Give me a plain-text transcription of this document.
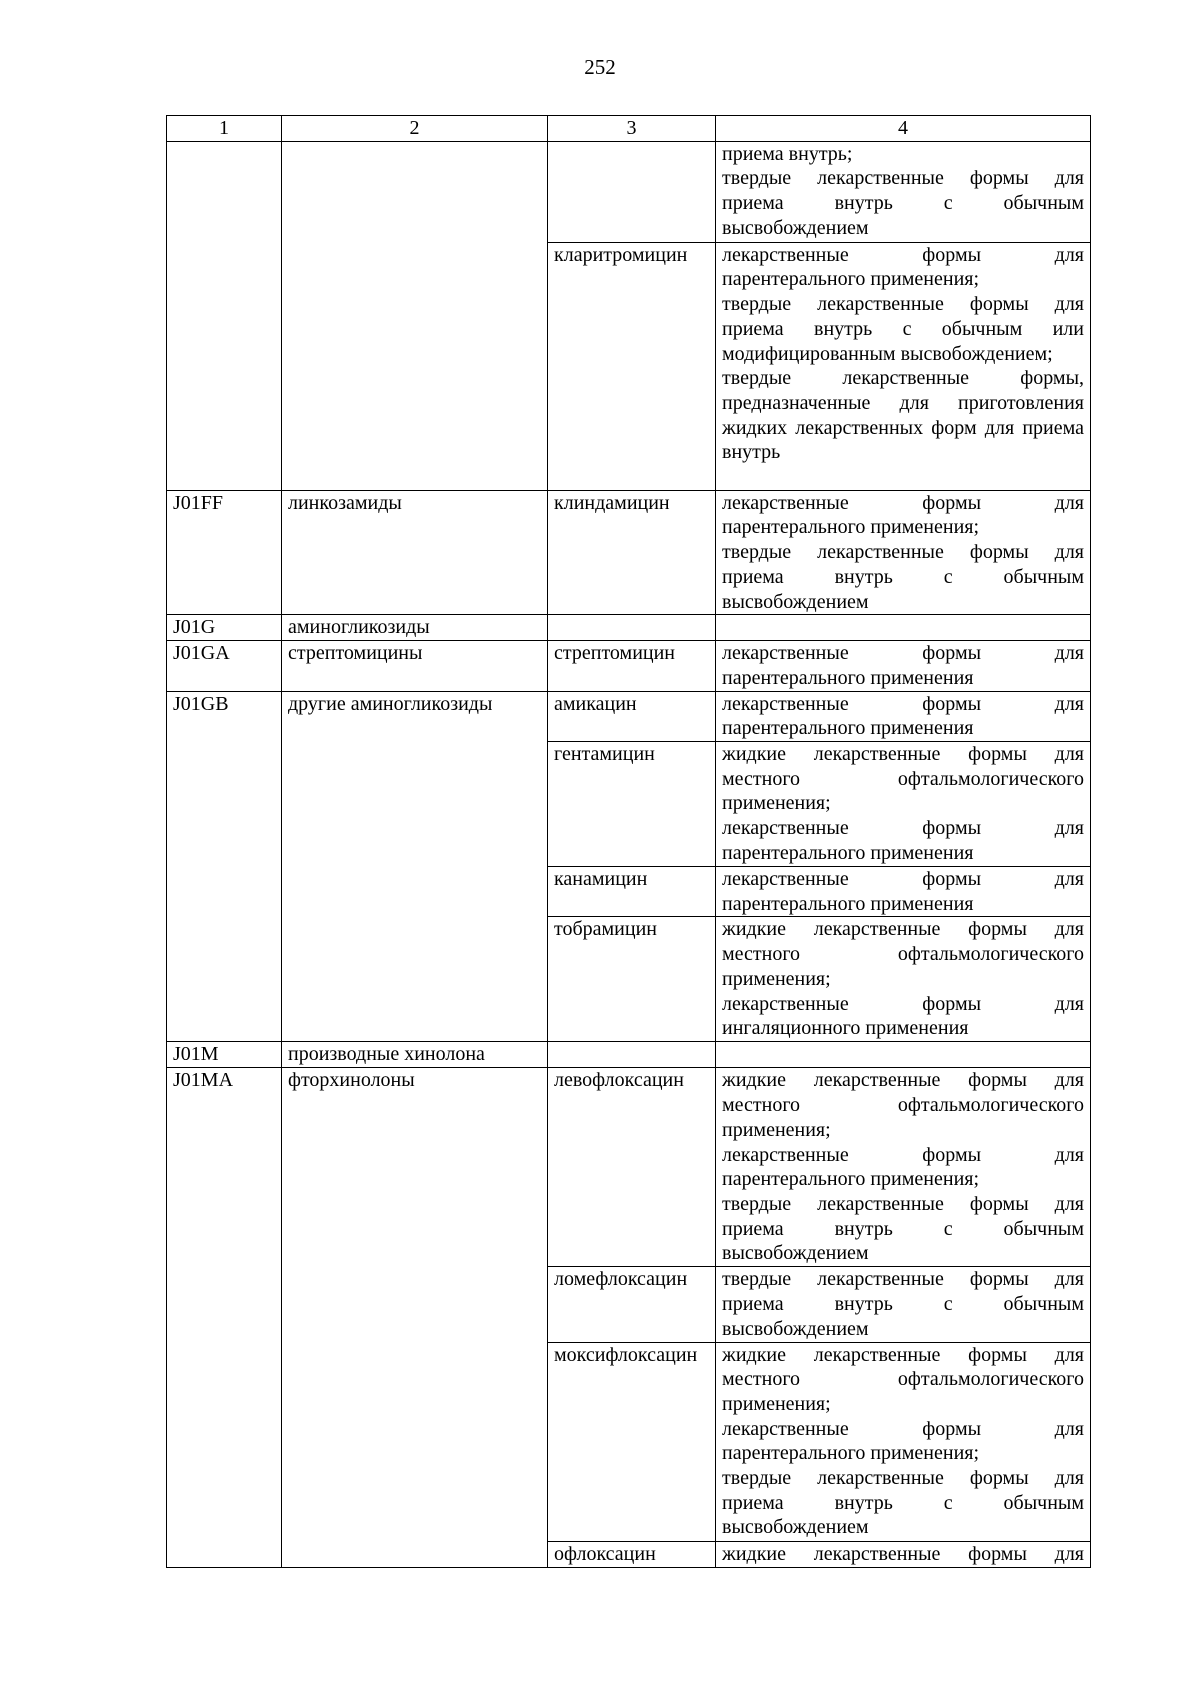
252
1	2	3	4

			приема внутрь;
твердые лекарственные формы для приема внутрь с обычным высвобождением

		кларитромицин	лекарственные формы для парентерального применения;
твердые лекарственные формы для приема внутрь с обычным или модифицированным высвобождением;
твердые лекарственные формы, предназначенные для приготовления жидких лекарственных форм для приема внутрь

J01FF	линкозамиды	клиндамицин	лекарственные формы для парентерального применения;
твердые лекарственные формы для приема внутрь с обычным высвобождением

J01G	аминогликозиды		
J01GA	стрептомицины	стрептомицин	лекарственные формы для парентерального применения

J01GB	другие аминогликозиды	амикацин	лекарственные формы для парентерального применения

		гентамицин	жидкие лекарственные формы для местного офтальмологического применения;
лекарственные формы для парентерального применения

		канамицин	лекарственные формы для парентерального применения

		тобрамицин	жидкие лекарственные формы для местного офтальмологического применения;
лекарственные формы для ингаляционного применения

J01M	производные хинолона		
J01MA	фторхинолоны	левофлоксацин	жидкие лекарственные формы для местного офтальмологического применения;
лекарственные формы для парентерального применения;
твердые лекарственные формы для приема внутрь с обычным высвобождением

		ломефлоксацин	твердые лекарственные формы для приема внутрь с обычным высвобождением

		моксифлоксацин	жидкие лекарственные формы для местного офтальмологического применения;
лекарственные формы для парентерального применения;
твердые лекарственные формы для приема внутрь с обычным высвобождением

		офлоксацин	жидкие лекарственные формы для
